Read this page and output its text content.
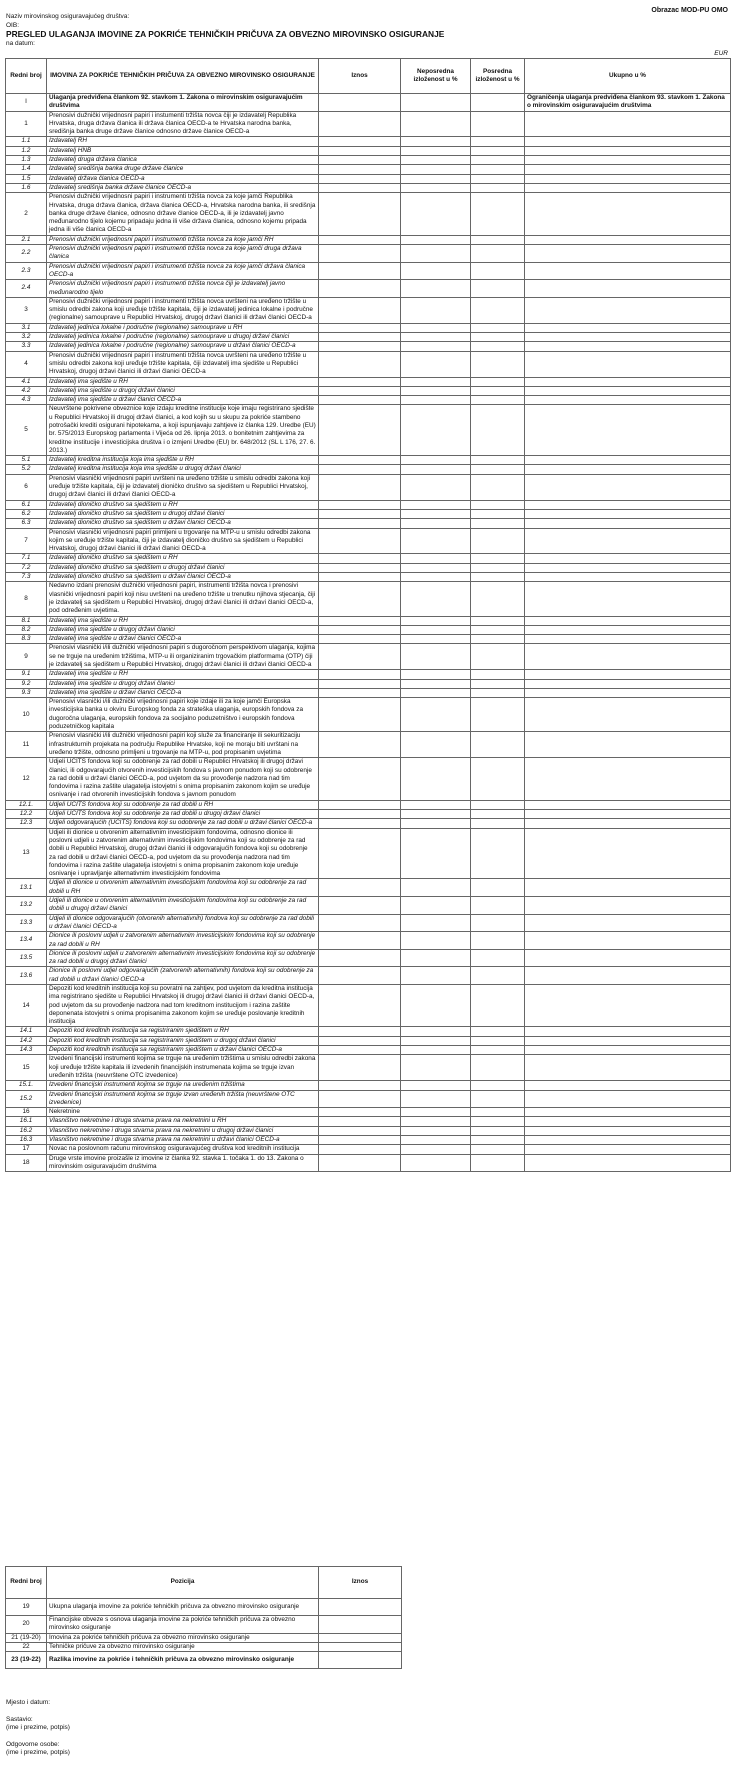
Obrazac MOD-PU OMO
Naziv mirovinskog osiguravajućeg društva:
OIB:
PREGLED ULAGANJA IMOVINE ZA POKRIĆE TEHNIČKIH PRIČUVA ZA OBVEZNO MIROVINSKO OSIGURANJE
na datum:
EUR
Redni broj	IMOVINA ZA POKRIĆE TEHNIČKIH PRIČUVA ZA OBVEZNO MIROVINSKO OSIGURANJE	Iznos	Neposredna izloženost u %	Posredna izloženost u %	Ukupno u %
I	Ulaganja predviđena člankom 92. stavkom 1. Zakona o mirovinskim osiguravajućim društvima				Ograničenja ulaganja predviđena člankom 93. stavkom 1. Zakona o mirovinskim osiguravajućim društvima
1	Prenosivi dužnički vrijednosni papiri i instumenti tržišta novca čiji je izdavatelj Republika Hrvatska, druga država članica ili država članica OECD-a te Hrvatska narodna banka, središnja banka druge države članice odnosno države članice OECD-a				
1.1	Izdavatelj RH				
1.2	Izdavatelj HNB				
1.3	Izdavatelj druga država članica				
1.4	Izdavatelj središnja banka druge države članice				
1.5	Izdavatelj država članica OECD-a				
1.6	Izdavatelj središnja banka države članice OECD-a				
2	Prenosivi dužnički vrijednosni papiri i instrumenti tržišta novca za koje jamči Republika Hrvatska, druga država članica, država članica OECD-a, Hrvatska narodna banka, ili središnja banka druge države članice, odnosno države članice OECD-a, ili je izdavatelj javno međunarodno tijelo kojemu pripadaju jedna ili više država članica, odnosno kojemu pripada jedna ili više članica OECD-a				
2.1	Prenosivi dužnički vrijednosni papiri i instrumenti tržišta novca za koje jamči RH				
2.2	Prenosivi dužnički vrijednosni papiri i instrumenti tržišta novca za koje jamči druga država članica				
2.3	Prenosivi dužnički vrijednosni papiri i instrumenti tržišta novca za koje jamči država članica OECD-a				
2.4	Prenosivi dužnički vrijednosni papiri i instrumenti tržišta novca čiji je izdavatelj javno međunarodno tijelo				
3	Prenosivi dužnički vrijednosni papiri i instrumenti tržišta novca uvršteni na uređeno tržište u smislu odredbi zakona koji uređuje tržište kapitala, čiji je izdavatelj jedinica lokalne i područne (regionalne) samouprave u Republici Hrvatskoj, drugoj državi članici ili državi članici OECD-a				
3.1	Izdavatelj jedinica lokalne i područne (regionalne) samouprave u RH				
3.2	Izdavatelj jedinica lokalne i područne (regionalne) samouprave u drugoj državi članici				
3.3	Izdavatelj jedinica lokalne i područne (regionalne) samouprave u državi članici OECD-a				
4	Prenosivi dužnički vrijednosni papiri i instrumenti tržišta novca uvršteni na uređeno tržište u smislu odredbi zakona koji uređuje tržište kapitala, čiji izdavatelj ima sjedište u Republici Hrvatskoj, drugoj državi članici ili državi članici OECD-a				
4.1	Izdavatelj ima sjedište u RH				
4.2	Izdavatelj ima sjedište u drugoj državi članici				
4.3	Izdavatelj ima sjedište u državi članici OECD-a				
5	Neuvrštene pokrivene obveznice koje izdaju kreditne institucije koje imaju registrirano sjedište u Republici Hrvatskoj ili drugoj državi članici, a kod kojih su u skupu za pokriće stambeno potrošački krediti osigurani hipotekama, a koji ispunjavaju zahtjeve iz članka 129. Uredbe (EU) br. 575/2013 Europskog parlamenta i Vijeća od 26. lipnja 2013. o bonitetnim zahtjevima za kreditne institucije i investicijska društva i o izmjeni Uredbe (EU) br. 648/2012 (SL L 176, 27. 6. 2013.)				
5.1	Izdavatelj kreditna institucija koja ima sjedište u RH				
5.2	Izdavatelj kreditna institucija koja ima sjedište u drugoj državi članici				
6	Prenosivi vlasnički vrijednosni papiri uvršteni na uređeno tržište u smislu odredbi zakona koji uređuje tržište kapitala, čiji je izdavatelj dioničko društvo sa sjedištem u Republici Hrvatskoj, drugoj državi članici ili državi članici OECD-a				
6.1	Izdavatelj dioničko društvo sa sjedištem u RH				
6.2	Izdavatelj dioničko društvo sa sjedištem u drugoj državi članici				
6.3	Izdavatelj dioničko društvo sa sjedištem u državi članici OECD-a				
7	Prenosivi vlasnički vrijednosni papiri primljeni u trgovanje na MTP-u u smislu odredbi zakona kojim se uređuje tržište kapitala, čiji je izdavatelj dioničko društvo sa sjedištem u Republici Hrvatskoj, drugoj državi članici ili državi članici OECD-a				
7.1	Izdavatelj dioničko društvo sa sjedištem u RH				
7.2	Izdavatelj dioničko društvo sa sjedištem u drugoj državi članici				
7.3	Izdavatelj dioničko društvo sa sjedištem u državi članici OECD-a				
8	Nedavno izdani prenosivi dužnički vrijednosni papiri, instrumenti tržišta novca i prenosivi vlasnički vrijednosni papiri koji nisu uvršteni na uređeno tržište u trenutku njihova stjecanja, čiji je izdavatelj sa sjedištem u Republici Hrvatskoj, drugoj državi članici ili državi članici OECD-a, pod određenim uvjetima.				
8.1	Izdavatelj ima sjedište u RH				
8.2	Izdavatelj ima sjedište u drugoj državi članici				
8.3	Izdavatelj ima sjedište u državi članici OECD-a				
9	Prenosivi vlasnički i/ili dužnički vrijednosni papiri s dugoročnom perspektivom ulaganja, kojima se ne trguje na uređenim tržištima, MTP-u ili organiziranim trgovačkim platformama (OTP) čiji je izdavatelj sa sjedištem u Republici Hrvatskoj, drugoj državi članici ili državi članici OECD-a				
9.1	Izdavatelj ima sjedište u RH				
9.2	Izdavatelj ima sjedište u drugoj državi članici				
9.3	Izdavatelj ima sjedište u državi članici OECD-a				
10	Prenosivi vlasnički i/ili dužnički vrijednosni papiri koje izdaje ili za koje jamči Europska investicijska banka u okviru Europskog fonda za strateška ulaganja, europskih fondova za dugoročna ulaganja, europskih fondova za socijalno poduzetništvo i europskih fondova poduzetničkog kapitala				
11	Prenosivi vlasnički i/ili dužnički vrijednosni papiri koji služe za financiranje ili sekuritizaciju infrastrukturnih projekata na području Republike Hrvatske, koji ne moraju biti uvrštani na uređeno tržište, odnosno primljeni u trgovanje na MTP-u, pod propisanim uvjetima				
12	Udjeli UCITS fondova koji su odobrenje za rad dobili u Republici Hrvatskoj ili drugoj državi članici, ili odgovarajućih otvorenih investicijskih fondova s javnom ponudom koji su odobrenje za rad dobili u državi članici OECD-a, pod uvjetom da su provođenje nadzora nad tim fondovima i razina zaštite ulagatelja istovjetni s onima propisanim zakonom kojim se uređuje osnivanje i rad otvorenih investicijskih fondova s javnom ponudom				
12.1.	Udjeli UCITS fondova koji su odobrenje za rad dobili u RH				
12.2	Udjeli UCITS fondova koji su odobrenje za rad dobili u drugoj državi članici				
12.3	Udjeli odgovarajućih (UCITS) fondova koji su odobrenje za rad dobili u državi članici OECD-a				
13	Udjeli ili dionice u otvorenim alternativnim investicijskim fondovima, odnosno dionice ili poslovni udjeli u zatvorenim alternativnim investicijskim fondovima koji su odobrenje za rad dobili u Republici Hrvatskoj, drugoj državi članici ili odgovarajućih fondova koji su odobrenje za rad dobili u državi članici OECD-a, pod uvjetom da su provođenja nadzora nad tim fondovima i razina zaštite ulagatelja istovjetni s onima propisanim zakonom koje uređuje osnivanje i upravljanje alternativnim investicijskim fondovima				
13.1	Udjeli ili dionice u otvorenim alternativnim investicijskim fondovima koji su odobrenje za rad dobili u RH				
13.2	Udjeli ili dionice u otvorenim alternativnim investicijskim fondovima koji su odobrenje za rad dobili u drugoj državi članici				
13.3	Udjeli ili dionice odgovarajućih (otvorenih alternativnih) fondova koji su odobrenje za rad dobili u državi članici OECD-a				
13.4	Dionice ili poslovni udjeli u zatvorenim alternativnim investicijskim fondovima koji su odobrenje za rad dobili u RH				
13.5	Dionice ili poslovni udjeli u zatvorenim alternativnim investicijskim fondovima koji su odobrenje za rad dobili u drugoj državi članici				
13.6	Dionice ili poslovni udjel odgovarajućih (zatvorenih alternativnih) fondova koji su odobrenje za rad dobili u državi članici OECD-a				
14	Depoziti kod kreditnih institucija koji su povratni na zahtjev, pod uvjetom da kreditna institucija ima registrirano sjedište u Republici Hrvatskoj ili drugoj državi članici ili državi članici OECD-a, pod uvjetom da su provođenje nadzora nad tom kreditnom institucijom i razina zaštite deponenata istovjetni s onima propisanima zakonom kojim se uređuje poslovanje kreditnih institucija				
14.1	Depoziti kod kreditnih institucija sa registriranim sjedištem u RH				
14.2	Depoziti kod kreditnih institucija sa registriranim sjedištem u drugoj državi članici				
14.3	Depoziti kod kreditnih institucija sa registriranim sjedištem u državi članici OECD-a				
15	Izvedeni financijski instrumenti kojima se trguje na uređenim tržištima u smislu odredbi zakona koji uređuje tržište kapitala ili izvedenih financijskih instrumenata kojima se trguje izvan uređenih tržišta (neuvrštene OTC izvedenice)				
15.1.	Izvedeni financijski instrumenti kojima se trguje na uređenim tržištima				
15.2	Izvedeni financijski instrumenti kojima se trguje izvan uređenih tržišta (neuvrštene OTC izvedenice)				
16	Nekretnine				
16.1	Vlasništvo nekretnine i druga stvarna prava na nekretnini u RH				
16.2	Vlasništvo nekretnine i druga stvarna prava na nekretnini u drugoj državi članici				
16.3	Vlasništvo nekretnine i druga stvarna prava na nekretnini u državi članici OECD-a				
17	Novac na poslovnom računu mirovinskog osiguravajućeg društva kod kreditnih institucija				
18	Druge vrste imovine proizašle iz imovine iz članka 92. stavka 1. točaka 1. do 13. Zakona o mirovinskim osiguravajućim društvima				
Redni broj	Pozicija	Iznos
19	Ukupna ulaganja imovine za pokriće tehničkih pričuva za obvezno mirovinsko osiguranje	
20	Financijske obveze s osnova ulaganja imovine za pokriće tehničkih pričuva za obvezno mirovinsko osiguranje	
21 (19-20)	Imovina za pokriće tehničkih pričuva za obvezno mirovinsko osiguranje	
22	Tehničke pričuve za obvezno mirovinsko osiguranje	
23 (19-22)	Razlika imovine za pokriće i tehničkih pričuva za obvezno mirovinsko osiguranje	
Mjesto i datum:
Sastavio:
(ime i prezime, potpis)
Odgovorne osobe:
(ime i prezime, potpis)
